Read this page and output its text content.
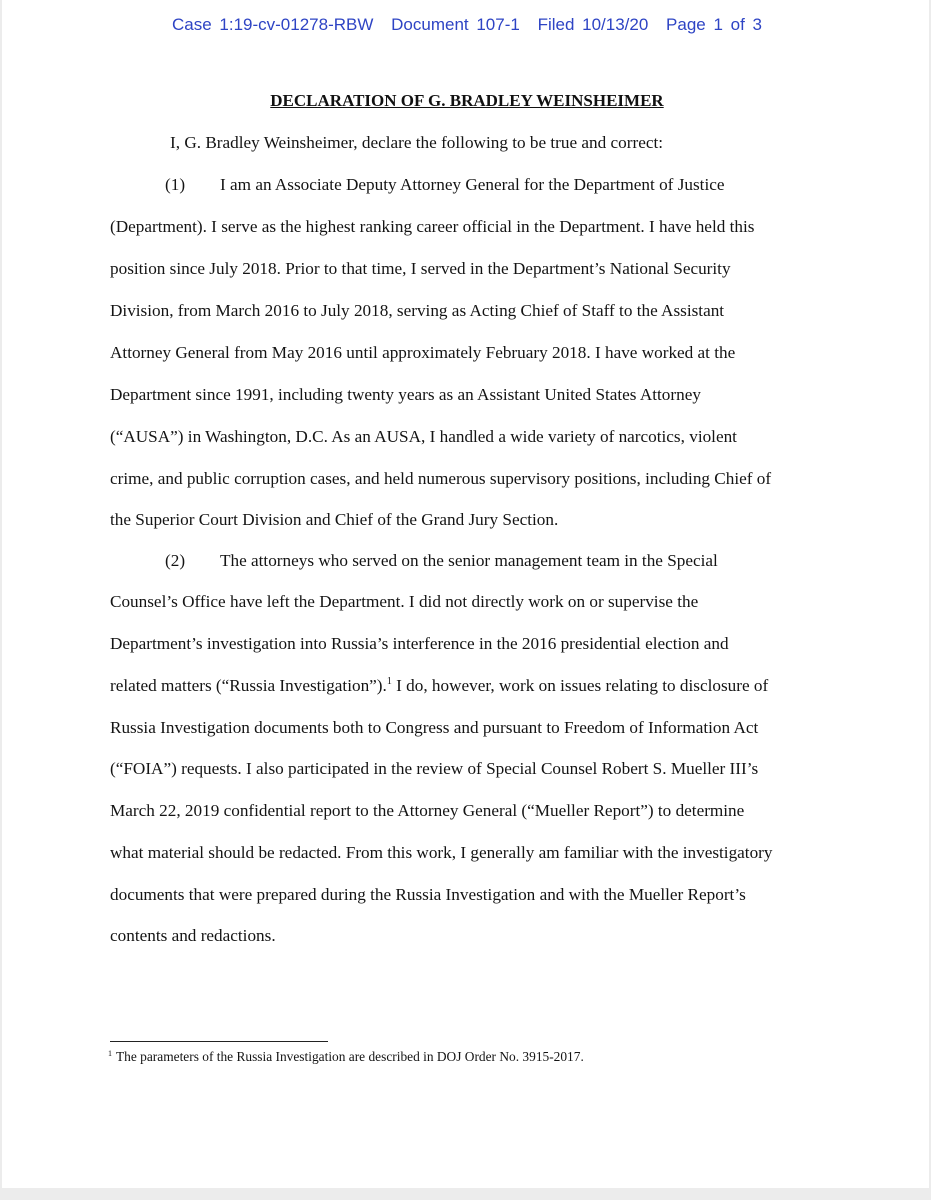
Case 1:19-cv-01278-RBW Document 107-1 Filed 10/13/20 Page 1 of 3
DECLARATION OF G. BRADLEY WEINSHEIMER
I, G. Bradley Weinsheimer, declare the following to be true and correct:
(1) I am an Associate Deputy Attorney General for the Department of Justice
(Department). I serve as the highest ranking career official in the Department. I have held this
position since July 2018. Prior to that time, I served in the Department’s National Security
Division, from March 2016 to July 2018, serving as Acting Chief of Staff to the Assistant
Attorney General from May 2016 until approximately February 2018. I have worked at the
Department since 1991, including twenty years as an Assistant United States Attorney
(“AUSA”) in Washington, D.C. As an AUSA, I handled a wide variety of narcotics, violent
crime, and public corruption cases, and held numerous supervisory positions, including Chief of
the Superior Court Division and Chief of the Grand Jury Section.
(2) The attorneys who served on the senior management team in the Special
Counsel’s Office have left the Department. I did not directly work on or supervise the
Department’s investigation into Russia’s interference in the 2016 presidential election and
related matters (“Russia Investigation”).$^1$ I do, however, work on issues relating to disclosure of
Russia Investigation documents both to Congress and pursuant to Freedom of Information Act
(“FOIA”) requests. I also participated in the review of Special Counsel Robert S. Mueller III’s
March 22, 2019 confidential report to the Attorney General (“Mueller Report”) to determine
what material should be redacted. From this work, I generally am familiar with the investigatory
documents that were prepared during the Russia Investigation and with the Mueller Report’s
contents and redactions.
$^1$ The parameters of the Russia Investigation are described in DOJ Order No. 3915-2017.
